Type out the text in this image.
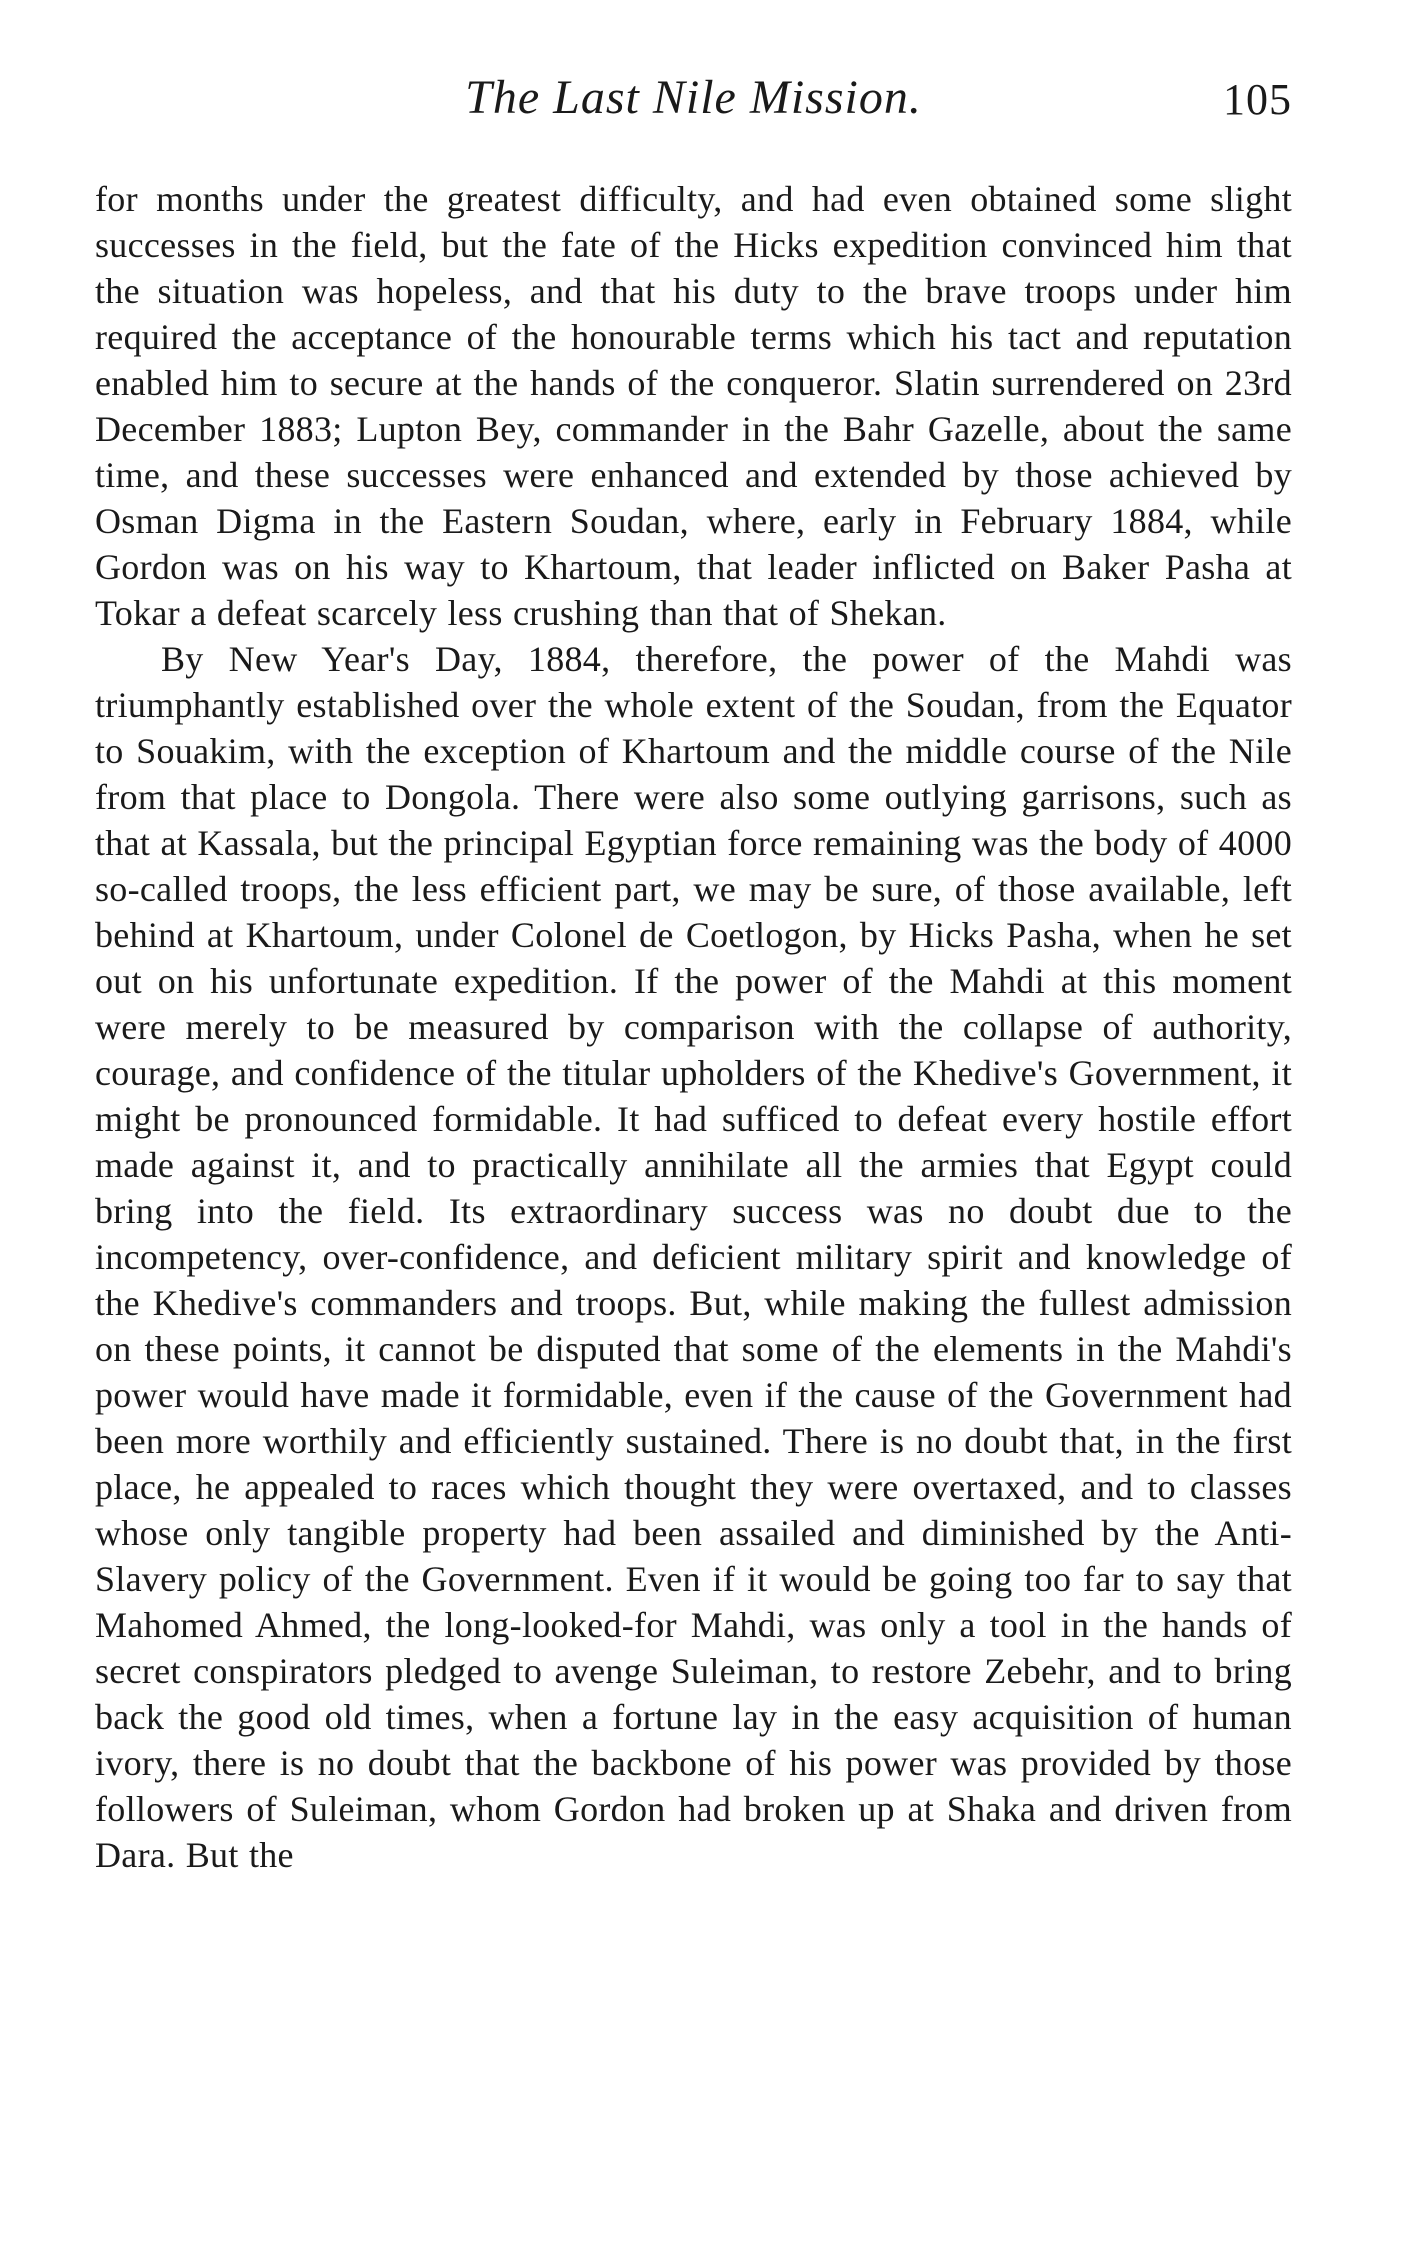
The Last Nile Mission.	105

for months under the greatest difficulty, and had even obtained some slight successes in the field, but the fate of the Hicks expedition convinced him that the situation was hopeless, and that his duty to the brave troops under him required the acceptance of the honourable terms which his tact and reputation enabled him to secure at the hands of the conqueror. Slatin surrendered on 23rd December 1883; Lupton Bey, commander in the Bahr Gazelle, about the same time, and these successes were enhanced and extended by those achieved by Osman Digma in the Eastern Soudan, where, early in February 1884, while Gordon was on his way to Khartoum, that leader inflicted on Baker Pasha at Tokar a defeat scarcely less crushing than that of Shekan.

By New Year's Day, 1884, therefore, the power of the Mahdi was triumphantly established over the whole extent of the Soudan, from the Equator to Souakim, with the exception of Khartoum and the middle course of the Nile from that place to Dongola. There were also some outlying garrisons, such as that at Kassala, but the principal Egyptian force remaining was the body of 4000 so-called troops, the less efficient part, we may be sure, of those available, left behind at Khartoum, under Colonel de Coetlogon, by Hicks Pasha, when he set out on his unfortunate expedition. If the power of the Mahdi at this moment were merely to be measured by comparison with the collapse of authority, courage, and confidence of the titular upholders of the Khedive's Government, it might be pronounced formidable. It had sufficed to defeat every hostile effort made against it, and to practically annihilate all the armies that Egypt could bring into the field. Its extraordinary success was no doubt due to the incompetency, over-confidence, and deficient military spirit and knowledge of the Khedive's commanders and troops. But, while making the fullest admission on these points, it cannot be disputed that some of the elements in the Mahdi's power would have made it formidable, even if the cause of the Government had been more worthily and efficiently sustained. There is no doubt that, in the first place, he appealed to races which thought they were overtaxed, and to classes whose only tangible property had been assailed and diminished by the Anti-Slavery policy of the Government. Even if it would be going too far to say that Mahomed Ahmed, the long-looked-for Mahdi, was only a tool in the hands of secret conspirators pledged to avenge Suleiman, to restore Zebehr, and to bring back the good old times, when a fortune lay in the easy acquisition of human ivory, there is no doubt that the backbone of his power was provided by those followers of Suleiman, whom Gordon had broken up at Shaka and driven from Dara. But the
